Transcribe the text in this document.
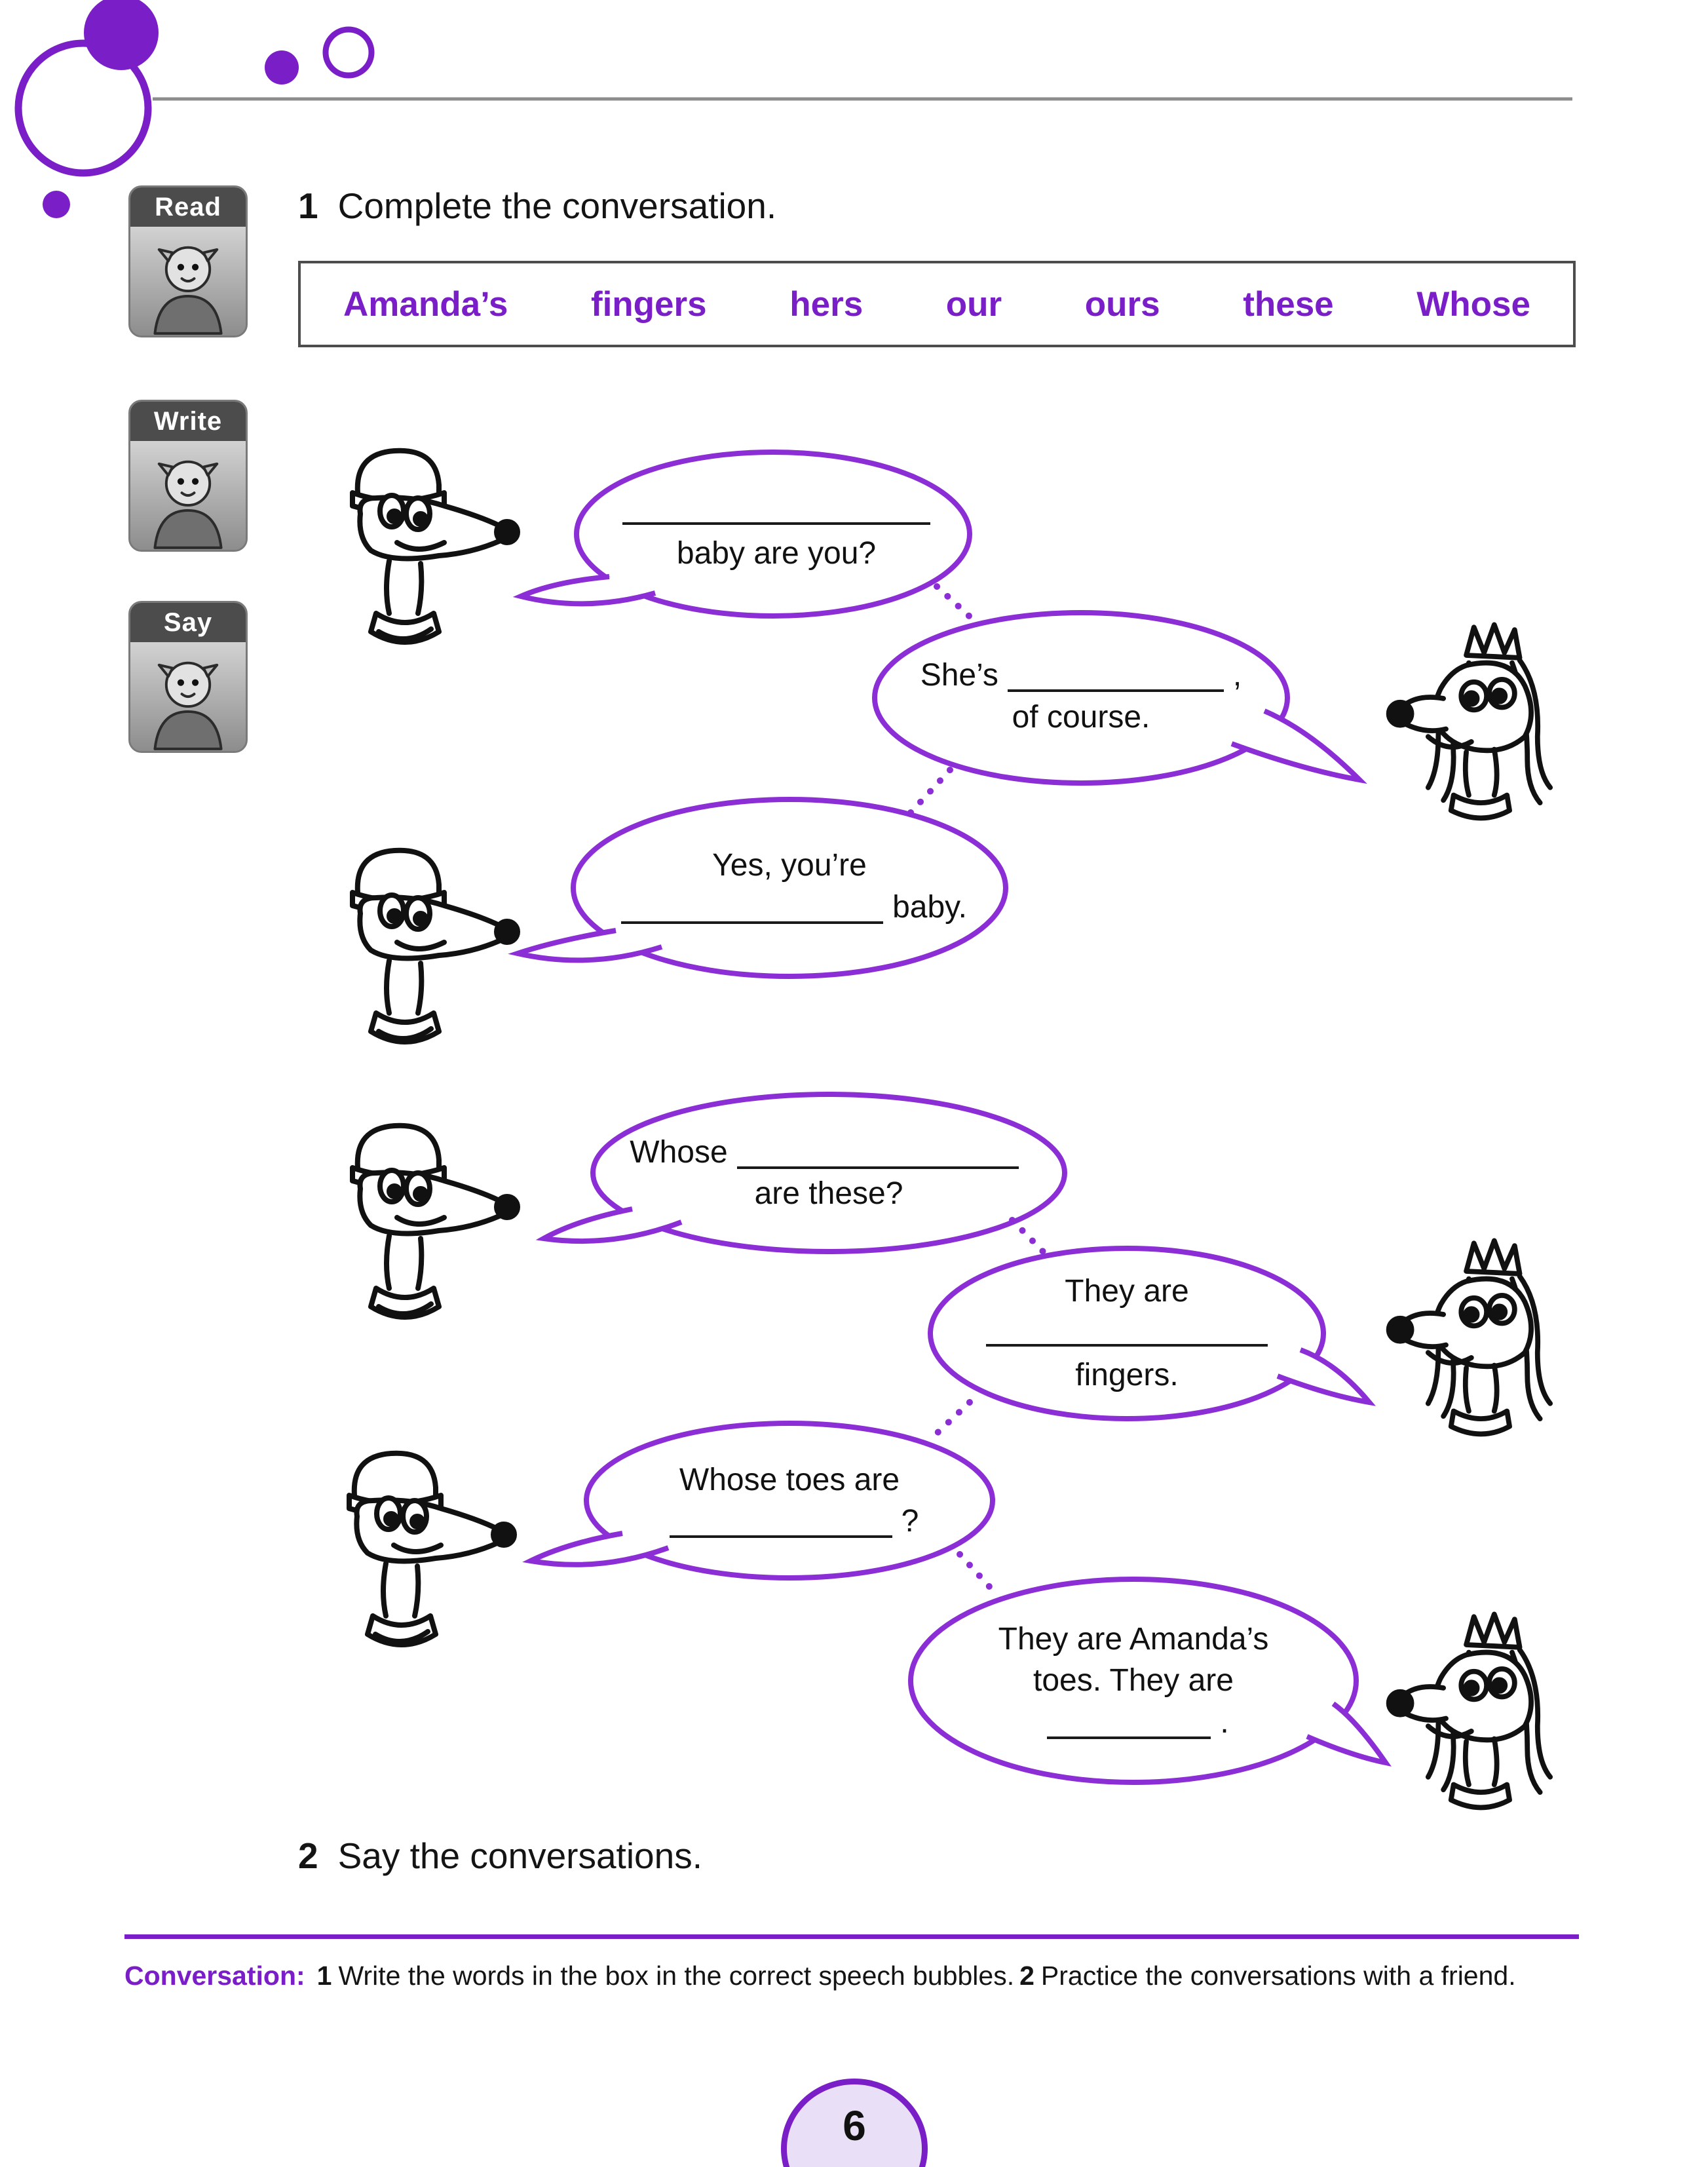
Read
Write
Say
1 Complete the conversation.
Amanda’s fingers hers our ours these Whose
baby are you?
She’s	,
of course.
Yes, you’re
baby.
Whose
are these?
They are
fingers.
Whose toes are
?
They are Amanda’s
toes. They are
.
2 Say the conversations.
Conversation: 1 Write the words in the box in the correct speech bubbles. 2 Practice the conversations with a friend.
6
